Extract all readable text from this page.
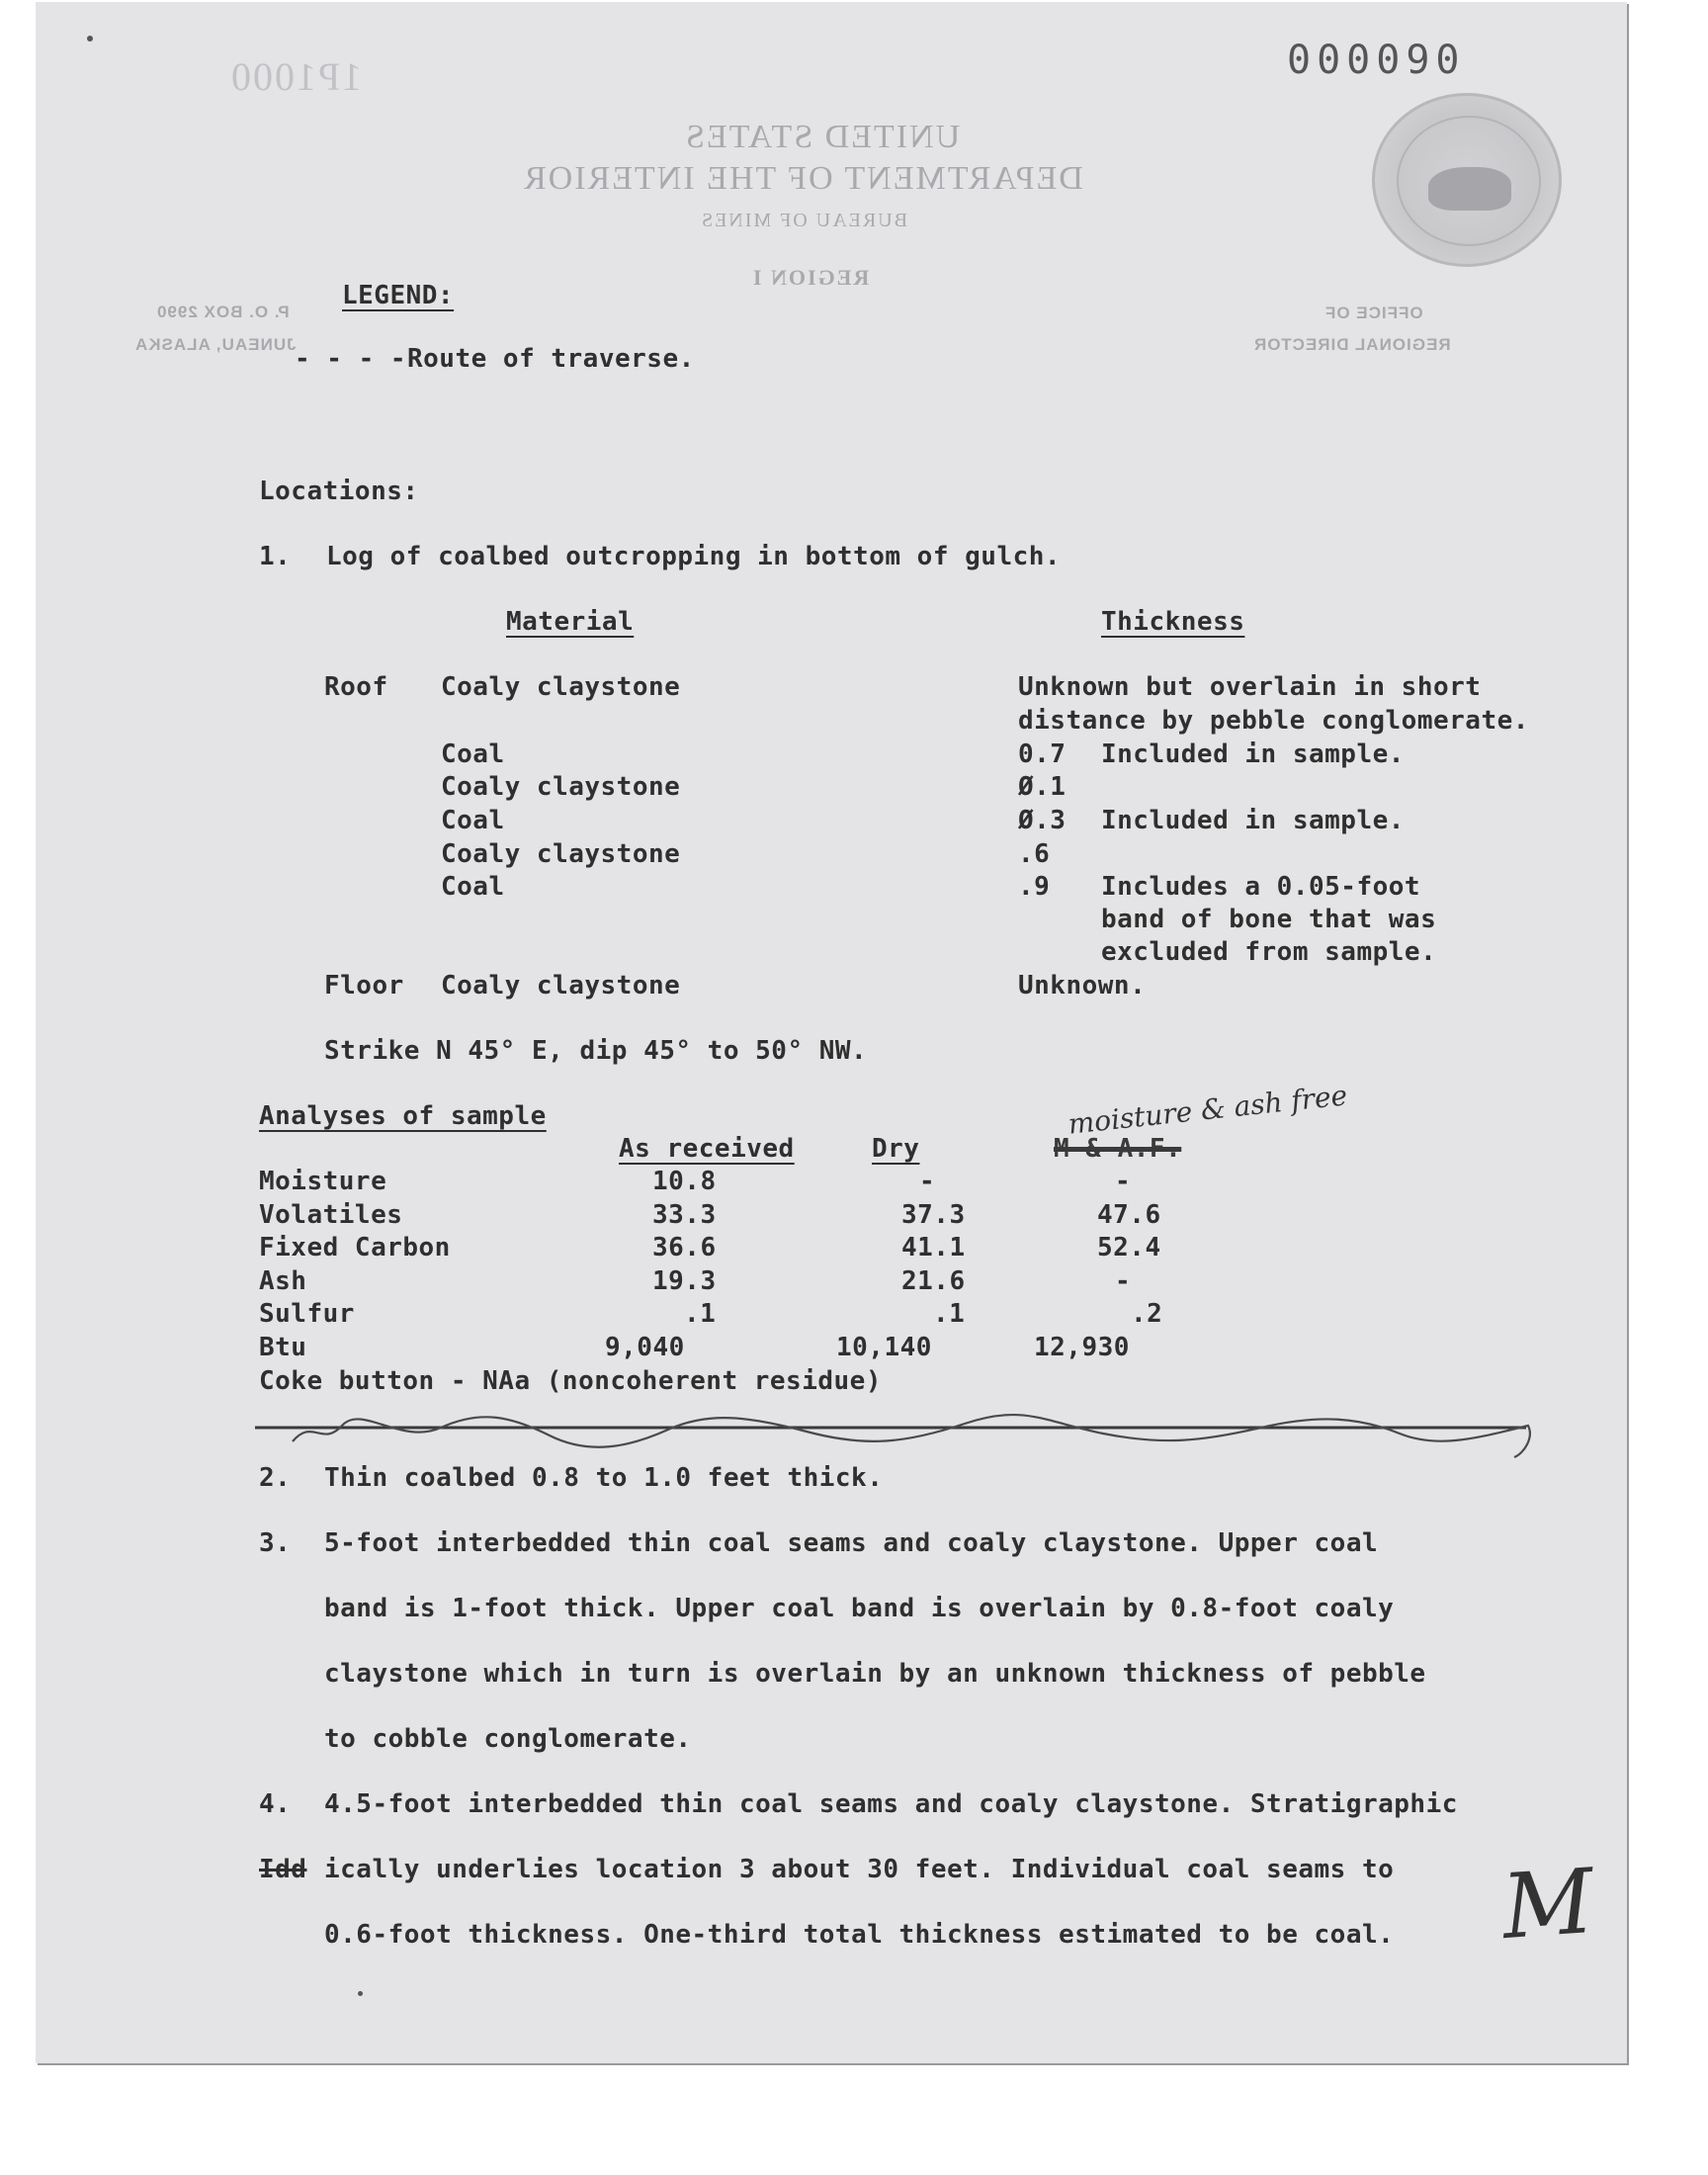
1P1000	000090
UNITED STATES
DEPARTMENT OF THE INTERIOR
BUREAU OF MINES
REGION I
P. O. BOX 2990
JUNEAU, ALASKA
OFFICE OF
REGIONAL DIRECTOR
LEGEND:
- - - - Route of traverse.
Locations:
1. Log of coalbed outcropping in bottom of gulch.
Material	Thickness
Roof Coaly claystone	Unknown but overlain in short
distance by pebble conglomerate.
Coal	0.7 Included in sample.
Coaly claystone	Ø.1
Coal	Ø.3 Included in sample.
Coaly claystone	.6
Coal	.9 Includes a 0.05-foot
band of bone that was
excluded from sample.
Floor Coaly claystone	Unknown.
Strike N 45° E, dip 45° to 50° NW.
Analyses of sample	moisture & ash free
As received	Dry	M & A.F.
Moisture	10.8	-	-
Volatiles	33.3	37.3	47.6
Fixed Carbon	36.6	41.1	52.4
Ash	19.3	21.6	-
Sulfur	.1	.1	.2
Btu	9,040	10,140	12,930
Coke button - NAa (noncoherent residue)
2. Thin coalbed 0.8 to 1.0 feet thick.
3. 5-foot interbedded thin coal seams and coaly claystone. Upper coal
band is 1-foot thick. Upper coal band is overlain by 0.8-foot coaly
claystone which in turn is overlain by an unknown thickness of pebble
to cobble conglomerate.
4. 4.5-foot interbedded thin coal seams and coaly claystone. Stratigraphic
Idd ically underlies location 3 about 30 feet. Individual coal seams to
0.6-foot thickness. One-third total thickness estimated to be coal. M
